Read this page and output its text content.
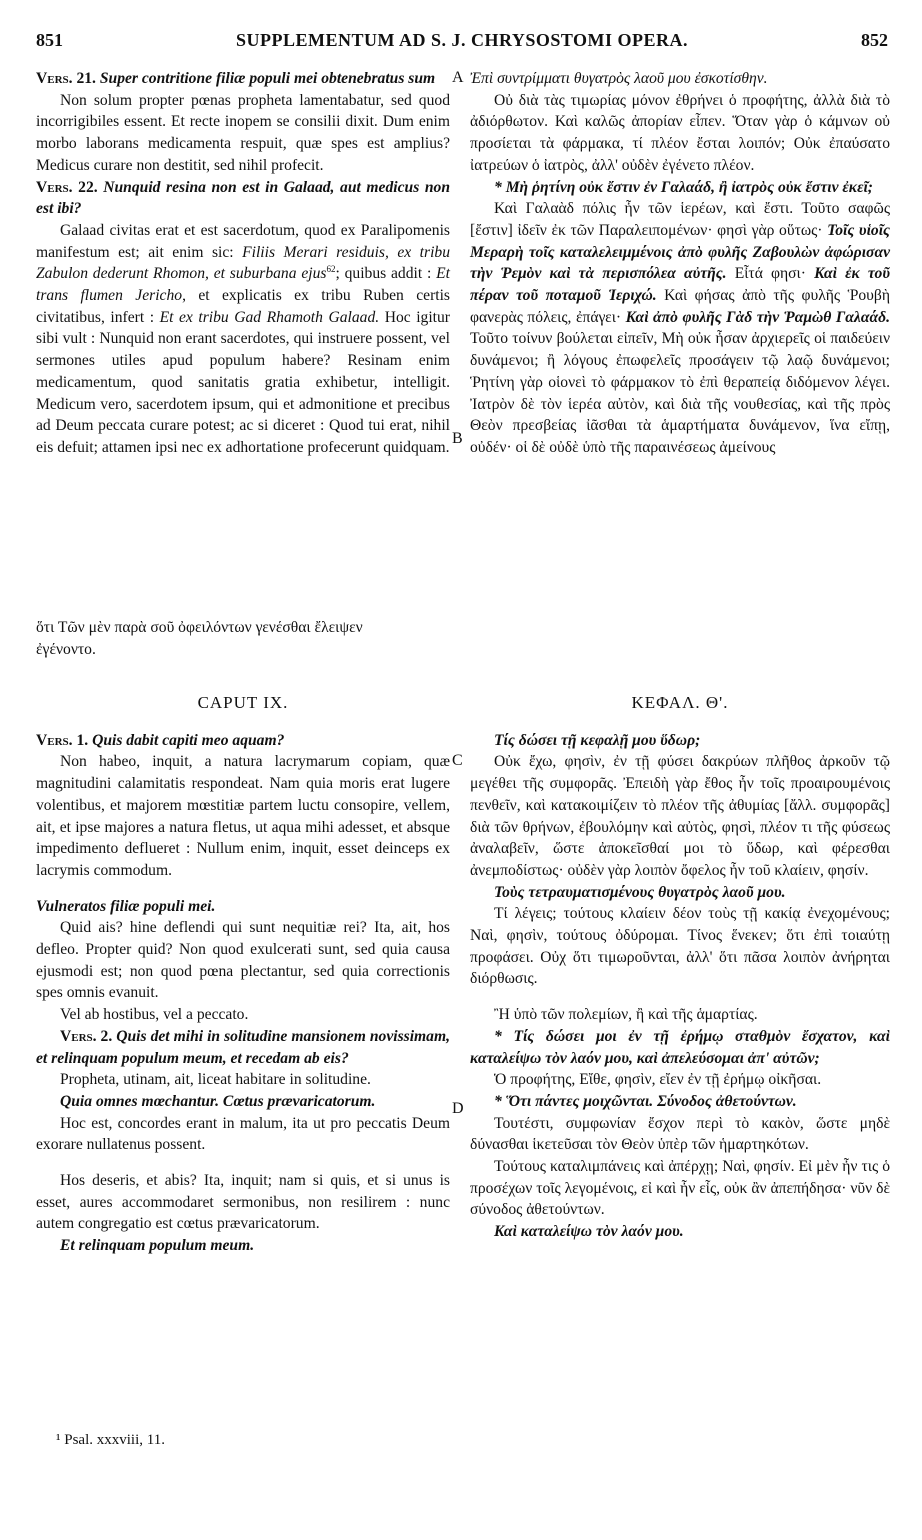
851	SUPPLEMENTUM AD S. J. CHRYSOSTOMI OPERA.	852
A
B
C
D

Vers. 21. Super contritione filiæ populi mei obtenebratus sum

Non solum propter pœnas propheta lamentabatur, sed quod incorrigibiles essent. Et recte inopem se consilii dixit. Dum enim morbo laborans medicamenta respuit, quæ spes est amplius? Medicus curare non destitit, sed nihil profecit.

Vers. 22. Nunquid resina non est in Galaad, aut medicus non est ibi?

Galaad civitas erat et est sacerdotum, quod ex Paralipomenis manifestum est; ait enim sic: Filiis Merari residuis, ex tribu Zabulon dederunt Rhomon, et suburbana ejus$^{62}$; quibus addit : Et trans flumen Jericho, et explicatis ex tribu Ruben certis civitatibus, infert : Et ex tribu Gad Rhamoth Galaad. Hoc igitur sibi vult : Nunquid non erant sacerdotes, qui instruere possent, vel sermones utiles apud populum habere? Resinam enim medicamentum, quod sanitatis gratia exhibetur, intelligit. Medicum vero, sacerdotem ipsum, qui et admonitione et precibus ad Deum peccata curare potest; ac si diceret : Quod tui erat, nihil eis defuit; attamen ipsi nec ex adhortatione profecerunt quidquam.

Ἐπὶ συντρίμματι θυγατρὸς λαοῦ μου ἐσκοτίσθην.

Οὐ διὰ τὰς τιμωρίας μόνον ἐθρήνει ὁ προφήτης, ἀλλὰ διὰ τὸ ἀδιόρθωτον. Καὶ καλῶς ἀπορίαν εἶπεν. Ὅταν γὰρ ὁ κάμνων οὐ προσίεται τὰ φάρμακα, τί πλέον ἔσται λοιπόν; Οὐκ ἐπαύσατο ἰατρεύων ὁ ἰατρὸς, ἀλλ' οὐδὲν ἐγένετο πλέον.

* Μὴ ῥητίνη οὐκ ἔστιν ἐν Γαλαάδ, ἢ ἰατρὸς οὐκ ἔστιν ἐκεῖ;

Καὶ Γαλαὰδ πόλις ἦν τῶν ἱερέων, καὶ ἔστι. Τοῦτο σαφῶς [ἔστιν] ἰδεῖν ἐκ τῶν Παραλειπομένων· φησὶ γὰρ οὕτως· Τοῖς υἱοῖς Μεραρὴ τοῖς καταλελειμμένοις ἀπὸ φυλῆς Ζαβουλὼν ἀφώρισαν τὴν Ῥεμὸν καὶ τὰ περισπόλεα αὐτῆς. Εἶτά φησι· Καὶ ἐκ τοῦ πέραν τοῦ ποταμοῦ Ἱεριχώ. Καὶ φήσας ἀπὸ τῆς φυλῆς Ῥουβὴ φανερὰς πόλεις, ἐπάγει· Καὶ ἀπὸ φυλῆς Γὰδ τὴν Ῥαμὼθ Γαλαάδ. Τοῦτο τοίνυν βούλεται εἰπεῖν, Μὴ οὐκ ἦσαν ἀρχιερεῖς οἱ παιδεύειν δυνάμενοι; ἢ λόγους ἐπωφελεῖς προσάγειν τῷ λαῷ δυνάμενοι; Ῥητίνη γὰρ οἱονεὶ τὸ φάρμακον τὸ ἐπὶ θεραπείᾳ διδόμενον λέγει. Ἰατρὸν δὲ τὸν ἱερέα αὐτὸν, καὶ διὰ τῆς νουθεσίας, καὶ τῆς πρὸς Θεὸν πρεσβείας ἰᾶσθαι τὰ ἁμαρτήματα δυνάμενον, ἵνα εἴπῃ, οὐδέν· οἱ δὲ οὐδὲ ὑπὸ τῆς παραινέσεως ἀμείνους

ὅτι Τῶν μὲν παρὰ σοῦ ὀφειλόντων γενέσθαι ἔλειψεν
ἐγένοντο.
CAPUT IX.

Vers. 1. Quis dabit capiti meo aquam?

Non habeo, inquit, a natura lacrymarum copiam, quæ magnitudini calamitatis respondeat. Nam quia moris erat lugere volentibus, et majorem mœstitiæ partem luctu consopire, vellem, ait, et ipse majores a natura fletus, ut aqua mihi adesset, et absque impedimento deflueret : Nullum enim, inquit, esset deinceps ex lacrymis commodum.

Vulneratos filiæ populi mei.

Quid ais? hine deflendi qui sunt nequitiæ rei? Ita, ait, hos defleo. Propter quid? Non quod exulcerati sunt, sed quia causa ejusmodi est; non quod pœna plectantur, sed quia correctionis spes omnis evanuit.

Vel ab hostibus, vel a peccato.

Vers. 2. Quis det mihi in solitudine mansionem novissimam, et relinquam populum meum, et recedam ab eis?

Propheta, utinam, ait, liceat habitare in solitudine.

Quia omnes mœchantur. Cœtus prævaricatorum.

Hoc est, concordes erant in malum, ita ut pro peccatis Deum exorare nullatenus possent.

Hos deseris, et abis? Ita, inquit; nam si quis, et si unus is esset, aures accommodaret sermonibus, non resilirem : nunc autem congregatio est cœtus prævaricatorum.

Et relinquam populum meum.

ΚΕΦΑΛ. Θ'.

Τίς δώσει τῇ κεφαλῇ μου ὕδωρ;

Οὐκ ἔχω, φησὶν, ἐν τῇ φύσει δακρύων πλῆθος ἀρκοῦν τῷ μεγέθει τῆς συμφορᾶς. Ἐπειδὴ γὰρ ἔθος ἦν τοῖς προαιρουμένοις πενθεῖν, καὶ κατακοιμίζειν τὸ πλέον τῆς ἀθυμίας [ἄλλ. συμφορᾶς] διὰ τῶν θρήνων, ἐβουλόμην καὶ αὐτὸς, φησὶ, πλέον τι τῆς φύσεως ἀναλαβεῖν, ὥστε ἀποκεῖσθαί μοι τὸ ὕδωρ, καὶ φέρεσθαι ἀνεμποδίστως· οὐδὲν γὰρ λοιπὸν ὄφελος ἦν τοῦ κλαίειν, φησίν.

Τοὺς τετραυματισμένους θυγατρὸς λαοῦ μου.

Τί λέγεις; τούτους κλαίειν δέον τοὺς τῇ κακίᾳ ἐνεχομένους; Ναὶ, φησὶν, τούτους ὀδύρομαι. Τίνος ἕνεκεν; ὅτι ἐπὶ τοιαύτῃ προφάσει. Οὐχ ὅτι τιμωροῦνται, ἀλλ' ὅτι πᾶσα λοιπὸν ἀνήρηται διόρθωσις.

Ἢ ὑπὸ τῶν πολεμίων, ἢ καὶ τῆς ἁμαρτίας.

* Τίς δώσει μοι ἐν τῇ ἐρήμῳ σταθμὸν ἔσχατον, καὶ καταλείψω τὸν λαόν μου, καὶ ἀπελεύσομαι ἀπ' αὐτῶν;

Ὁ προφήτης, Εἴθε, φησὶν, εἴεν ἐν τῇ ἐρήμῳ οἰκῆσαι.

* Ὅτι πάντες μοιχῶνται. Σύνοδος ἀθετούντων.

Τουτέστι, συμφωνίαν ἔσχον περὶ τὸ κακὸν, ὥστε μηδὲ δύνασθαι ἱκετεῦσαι τὸν Θεὸν ὑπὲρ τῶν ἡμαρτηκότων.

Τούτους καταλιμπάνεις καὶ ἀπέρχῃ; Ναὶ, φησίν. Εἰ μὲν ἦν τις ὁ προσέχων τοῖς λεγομένοις, εἰ καὶ ἦν εἷς, οὐκ ἂν ἀπεπήδησα· νῦν δὲ σύνοδος ἀθετούντων.

Καὶ καταλείψω τὸν λαόν μου.

¹ Psal. xxxviii, 11.
